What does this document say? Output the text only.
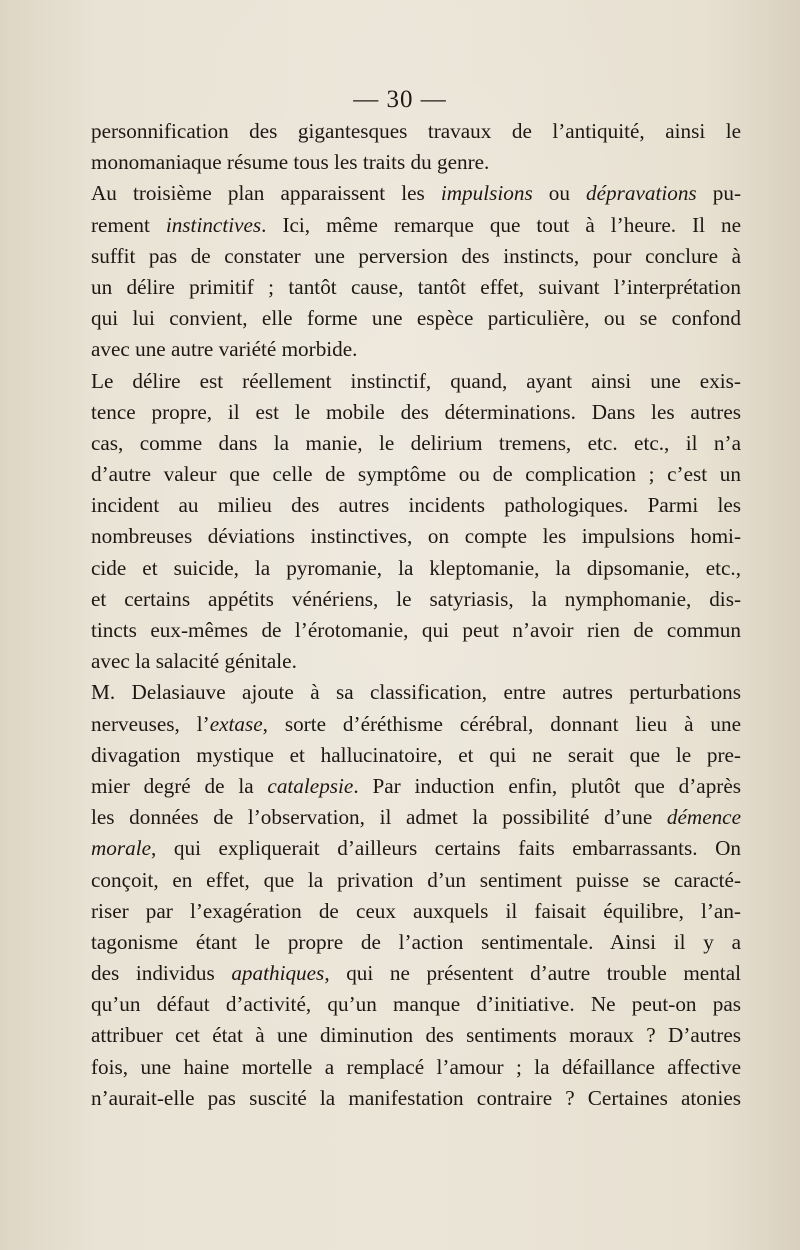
— 30 —
personnification des gigantesques travaux de l’antiquité, ainsi le
monomaniaque résume tous les traits du genre.
Au troisième plan apparaissent les impulsions ou dépravations pu-
rement instinctives. Ici, même remarque que tout à l’heure. Il ne
suffit pas de constater une perversion des instincts, pour conclure à
un délire primitif ; tantôt cause, tantôt effet, suivant l’interprétation
qui lui convient, elle forme une espèce particulière, ou se confond
avec une autre variété morbide.
Le délire est réellement instinctif, quand, ayant ainsi une exis-
tence propre, il est le mobile des déterminations. Dans les autres
cas, comme dans la manie, le delirium tremens, etc. etc., il n’a
d’autre valeur que celle de symptôme ou de complication ; c’est un
incident au milieu des autres incidents pathologiques. Parmi les
nombreuses déviations instinctives, on compte les impulsions homi-
cide et suicide, la pyromanie, la kleptomanie, la dipsomanie, etc.,
et certains appétits vénériens, le satyriasis, la nymphomanie, dis-
tincts eux-mêmes de l’érotomanie, qui peut n’avoir rien de commun
avec la salacité génitale.
M. Delasiauve ajoute à sa classification, entre autres perturbations
nerveuses, l’extase, sorte d’éréthisme cérébral, donnant lieu à une
divagation mystique et hallucinatoire, et qui ne serait que le pre-
mier degré de la catalepsie. Par induction enfin, plutôt que d’après
les données de l’observation, il admet la possibilité d’une démence
morale, qui expliquerait d’ailleurs certains faits embarrassants. On
conçoit, en effet, que la privation d’un sentiment puisse se caracté-
riser par l’exagération de ceux auxquels il faisait équilibre, l’an-
tagonisme étant le propre de l’action sentimentale. Ainsi il y a
des individus apathiques, qui ne présentent d’autre trouble mental
qu’un défaut d’activité, qu’un manque d’initiative. Ne peut-on pas
attribuer cet état à une diminution des sentiments moraux ? D’autres
fois, une haine mortelle a remplacé l’amour ; la défaillance affective
n’aurait-elle pas suscité la manifestation contraire ? Certaines atonies
